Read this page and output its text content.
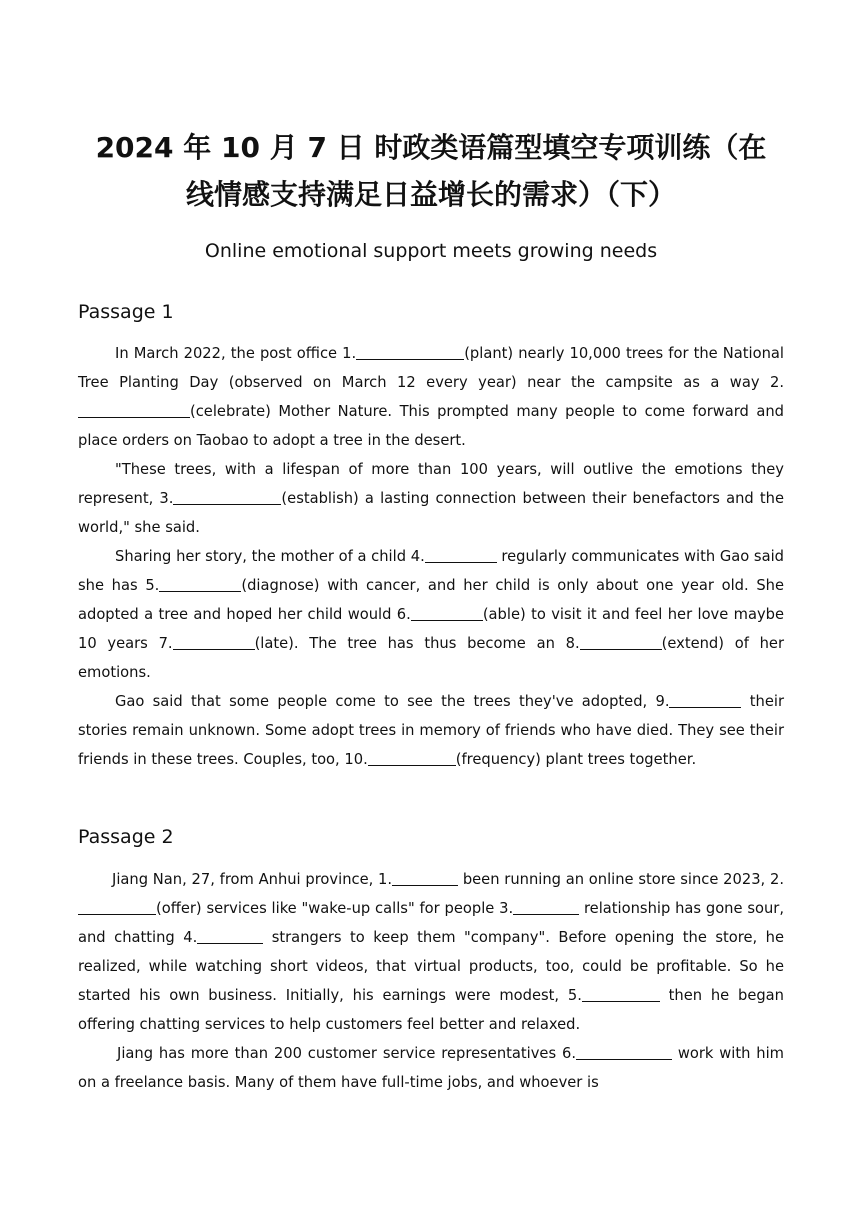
2024 年 10 月 7 日 时政类语篇型填空专项训练（在
线情感支持满足日益增长的需求）（下）
Online emotional support meets growing needs
Passage 1

In March 2022, the post office 1.	(plant) nearly 10,000 trees for the National Tree Planting Day (observed on March 12 every year) near the campsite as a way 2.(celebrate) Mother Nature. This prompted many people to come forward and place orders on Taobao to adopt a tree in the desert.

"These trees, with a lifespan of more than 100 years, will outlive the emotions they represent, 3.	(establish) a lasting connection between their benefactors and the world," she said.

Sharing her story, the mother of a child 4.	regularly communicates with Gao said she has 5.	(diagnose) with cancer, and her child is only about one year old. She adopted a tree and hoped her child would 6.	(able) to visit it and feel her love maybe 10 years 7.	(late). The tree has thus become an 8.	(extend) of her emotions.

Gao said that some people come to see the trees they've adopted, 9.	their stories remain unknown. Some adopt trees in memory of friends who have died. They see their friends in these trees. Couples, too, 10.	(frequency) plant trees together.

Passage 2

Jiang Nan, 27, from Anhui province, 1.	been running an online store since 2023, 2.(offer) services like "wake-up calls" for people 3.	relationship has gone sour, and chatting 4.	strangers to keep them "company". Before opening the store, he realized, while watching short videos, that virtual products, too, could be profitable. So he started his own business. Initially, his earnings were modest, 5.	then he began offering chatting services to help customers feel better and relaxed.

Jiang has more than 200 customer service representatives 6.	work with him on a freelance basis. Many of them have full-time jobs, and whoever is
